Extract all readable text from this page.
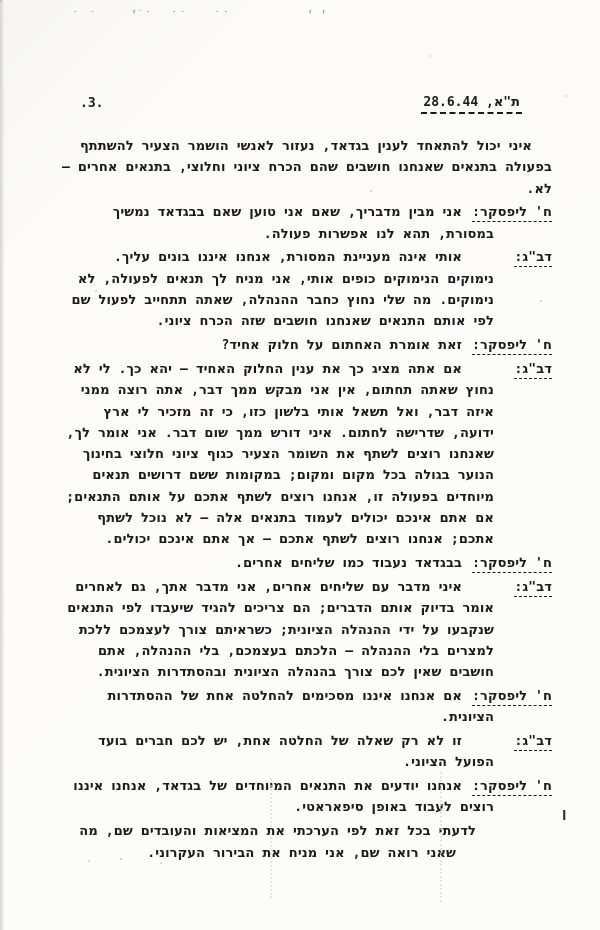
- -    ו ו         ··   ··  ·׳ז
.3.	ת"א, 28.6.44
איני יכול להתאחד לענין בגדאד, נעזור לאנשי הושמר הצעיר להשתתף בפעולה בתנאים שאנחנו חושבים שהם הכרח ציוני וחלוצי, בתנאים אחרים – לא.
ח' ליפסקר:אני מבין מדבריך, שאם אני טוען שאם בבגדאד נמשיך במסורת, תהא לנו אפשרות פעולה.
דב"ג:אותי אינה מעניינת המסורת, אנחנו איננו בונים עליך. נימוקים הנימוקים כופים אותי, אני מניח לך תנאים לפעולה, לא נימוקים. מה שלי נחוץ כחבר ההנהלה, שאתה תתחייב לפעול שם לפי אותם התנאים שאנחנו חושבים שזה הכרח ציוני.
ח' ליפסקר:זאת אומרת האחתום על חלוק אחיד?
דב"ג:אם אתה מציג כך את ענין החלוק האחיד – יהא כך. לי לא נחוץ שאתה תחתום, אין אני מבקש ממך דבר, אתה רוצה ממני איזה דבר, ואל תשאל אותי בלשון כזו, כי זה מזכיר לי ארץ ידועה, שדרישה לחתום. איני דורש ממך שום דבר. אני אומר לך, שאנחנו רוצים לשתף את השומר הצעיר כגוף ציוני חלוצי בחינוך הנוער בגולה בכל מקום ומקום; במקומות ששם דרושים תנאים מיוחדים בפעולה זו, אנחנו רוצים לשתף אתכם על אותם התנאים; אם אתם אינכם יכולים לעמוד בתנאים אלה – לא נוכל לשתף אתכם; אנחנו רוצים לשתף אתכם – אך אתם אינכם יכולים.
ח' ליפסקר:בבגדאד נעבוד כמו שליחים אחרים.
דב"ג:איני מדבר עם שליחים אחרים, אני מדבר אתך, גם לאחרים אומר בדיוק אותם הדברים; הם צריכים להגיד שיעבדו לפי התנאים שנקבעו על ידי ההנהלה הציונית; כשראיתם צורך לעצמכם ללכת למצרים בלי ההנהלה – הלכתם בעצמכם, בלי ההנהלה, אתם חושבים שאין לכם צורך בהנהלה הציונית ובהסתדרות הציונית.
ח' ליפסקר:אם אנחנו איננו מסכימים להחלטה אחת של ההסתדרות הציונית.
דב"ג:זו לא רק שאלה של החלטה אחת, יש לכם חברים בועד הפועל הציוני.
ח' ליפסקר:אנחנו יודעים את התנאים המיוחדים של בגדאד, אנחנו איננו רוצים לעבוד באופן סיפאראטי.
לדעתי בכל זאת לפי הערכתי את המציאות והעובדים שם, מה שאני רואה שם, אני מניח את הבירור העקרוני.
ן
